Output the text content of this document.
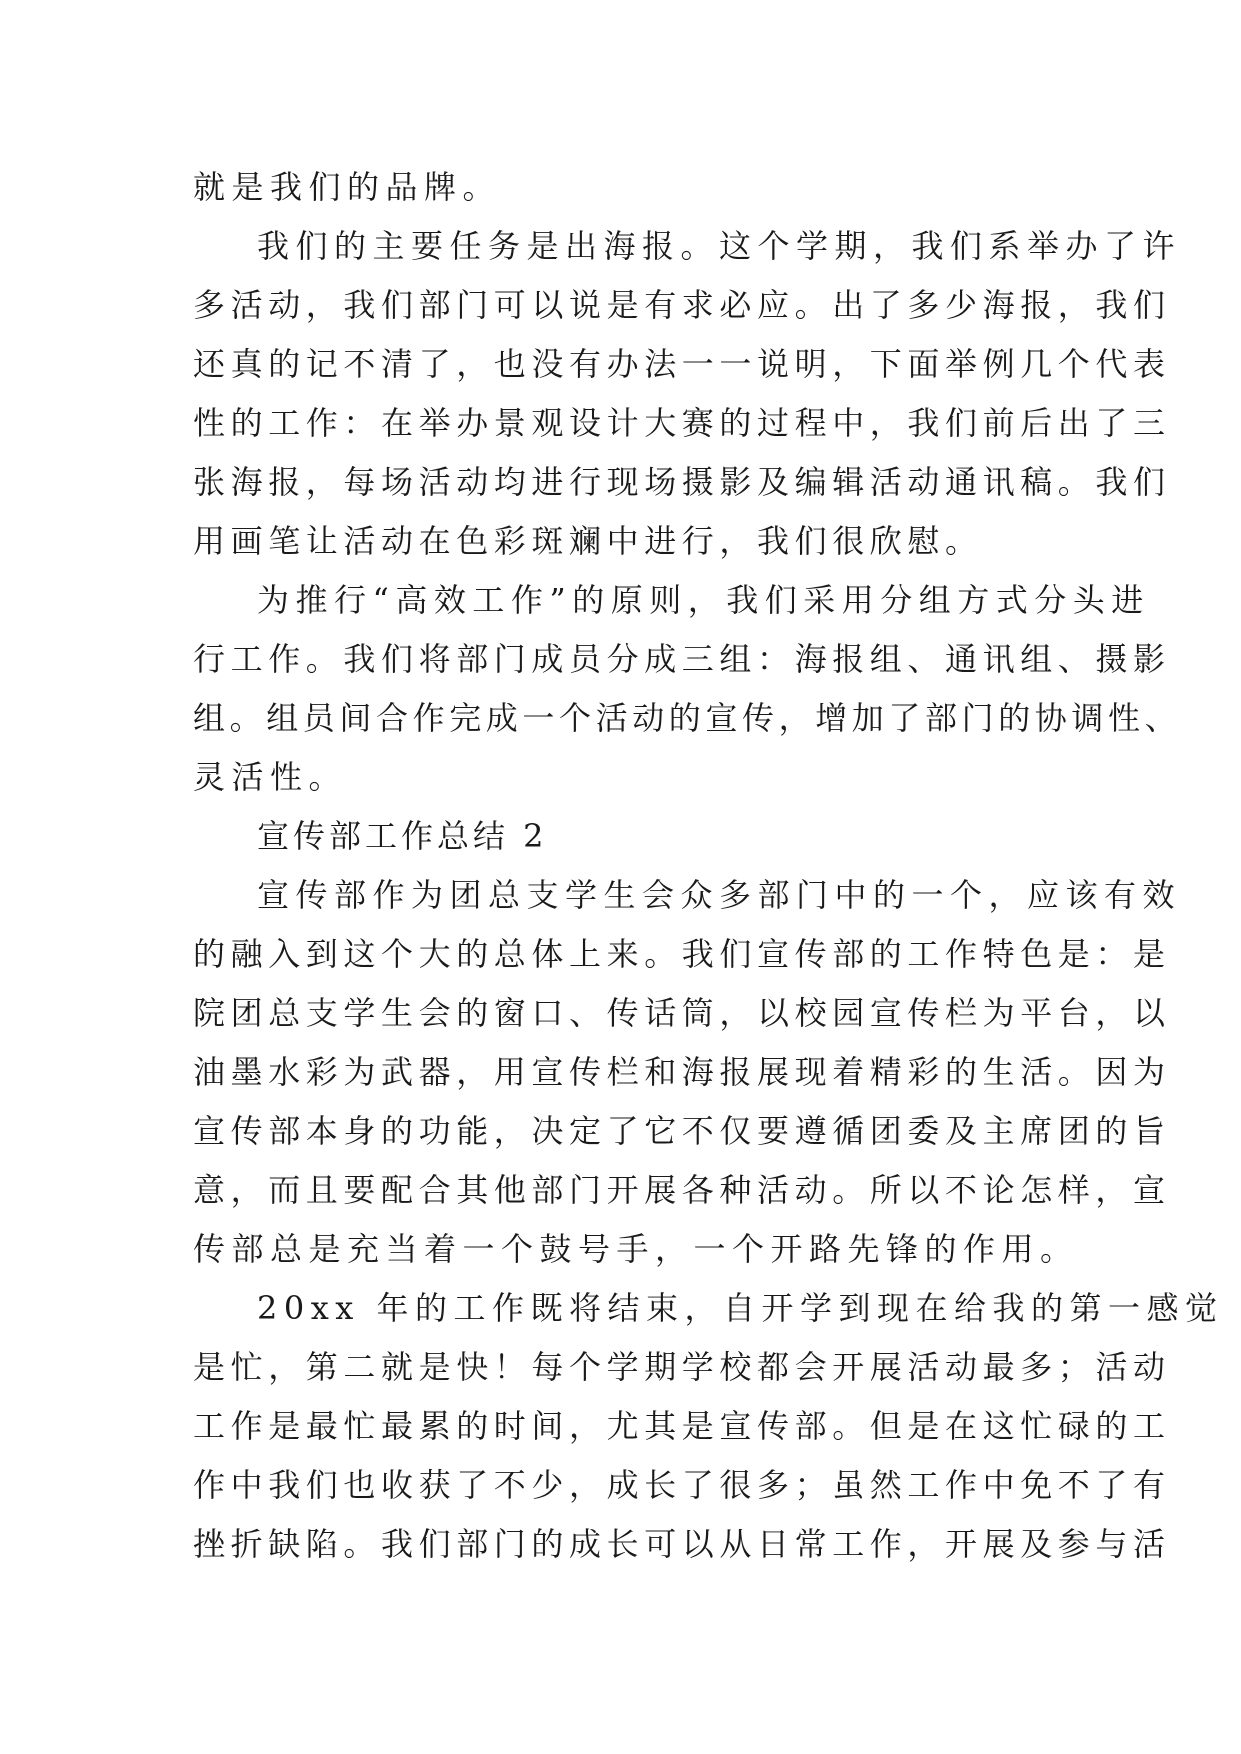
就是我们的品牌。
我们的主要任务是出海报。这个学期，我们系举办了许
多活动，我们部门可以说是有求必应。出了多少海报，我们
还真的记不清了，也没有办法一一说明，下面举例几个代表
性的工作：在举办景观设计大赛的过程中，我们前后出了三
张海报，每场活动均进行现场摄影及编辑活动通讯稿。我们
用画笔让活动在色彩斑斓中进行，我们很欣慰。
为推行“高效工作”的原则，我们采用分组方式分头进
行工作。我们将部门成员分成三组：海报组、通讯组、摄影
组。组员间合作完成一个活动的宣传，增加了部门的协调性、
灵活性。
宣传部工作总结 2
宣传部作为团总支学生会众多部门中的一个，应该有效
的融入到这个大的总体上来。我们宣传部的工作特色是：是
院团总支学生会的窗口、传话筒，以校园宣传栏为平台，以
油墨水彩为武器，用宣传栏和海报展现着精彩的生活。因为
宣传部本身的功能，决定了它不仅要遵循团委及主席团的旨
意，而且要配合其他部门开展各种活动。所以不论怎样，宣
传部总是充当着一个鼓号手，一个开路先锋的作用。
20xx 年的工作既将结束，自开学到现在给我的第一感觉
是忙，第二就是快！每个学期学校都会开展活动最多；活动
工作是最忙最累的时间，尤其是宣传部。但是在这忙碌的工
作中我们也收获了不少，成长了很多；虽然工作中免不了有
挫折缺陷。我们部门的成长可以从日常工作，开展及参与活
